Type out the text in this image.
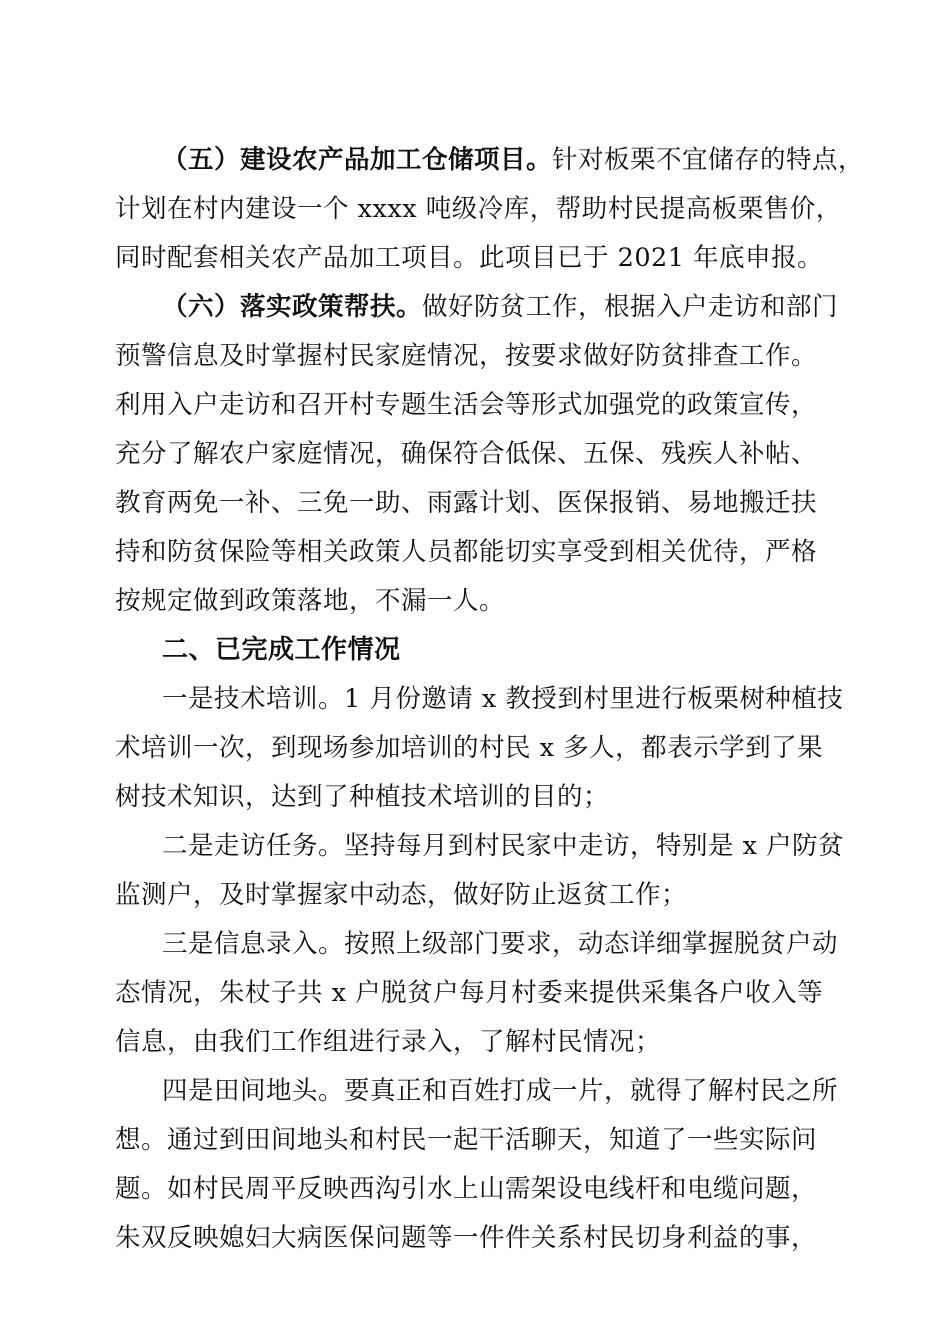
（五）建设农产品加工仓储项目。针对板栗不宜储存的特点，
计划在村内建设一个 xxxx 吨级冷库，帮助村民提高板栗售价，
同时配套相关农产品加工项目。此项目已于 2021 年底申报。
（六）落实政策帮扶。做好防贫工作，根据入户走访和部门
预警信息及时掌握村民家庭情况，按要求做好防贫排查工作。
利用入户走访和召开村专题生活会等形式加强党的政策宣传，
充分了解农户家庭情况，确保符合低保、五保、残疾人补帖、
教育两免一补、三免一助、雨露计划、医保报销、易地搬迁扶
持和防贫保险等相关政策人员都能切实享受到相关优待，严格
按规定做到政策落地，不漏一人。
二、已完成工作情况
一是技术培训。1 月份邀请 x 教授到村里进行板栗树种植技
术培训一次，到现场参加培训的村民 x 多人，都表示学到了果
树技术知识，达到了种植技术培训的目的；
二是走访任务。坚持每月到村民家中走访，特别是 x 户防贫
监测户，及时掌握家中动态，做好防止返贫工作；
三是信息录入。按照上级部门要求，动态详细掌握脱贫户动
态情况，朱杖子共 x 户脱贫户每月村委来提供采集各户收入等
信息，由我们工作组进行录入，了解村民情况；
四是田间地头。要真正和百姓打成一片，就得了解村民之所
想。通过到田间地头和村民一起干活聊天，知道了一些实际问
题。如村民周平反映西沟引水上山需架设电线杆和电缆问题，
朱双反映媳妇大病医保问题等一件件关系村民切身利益的事，
